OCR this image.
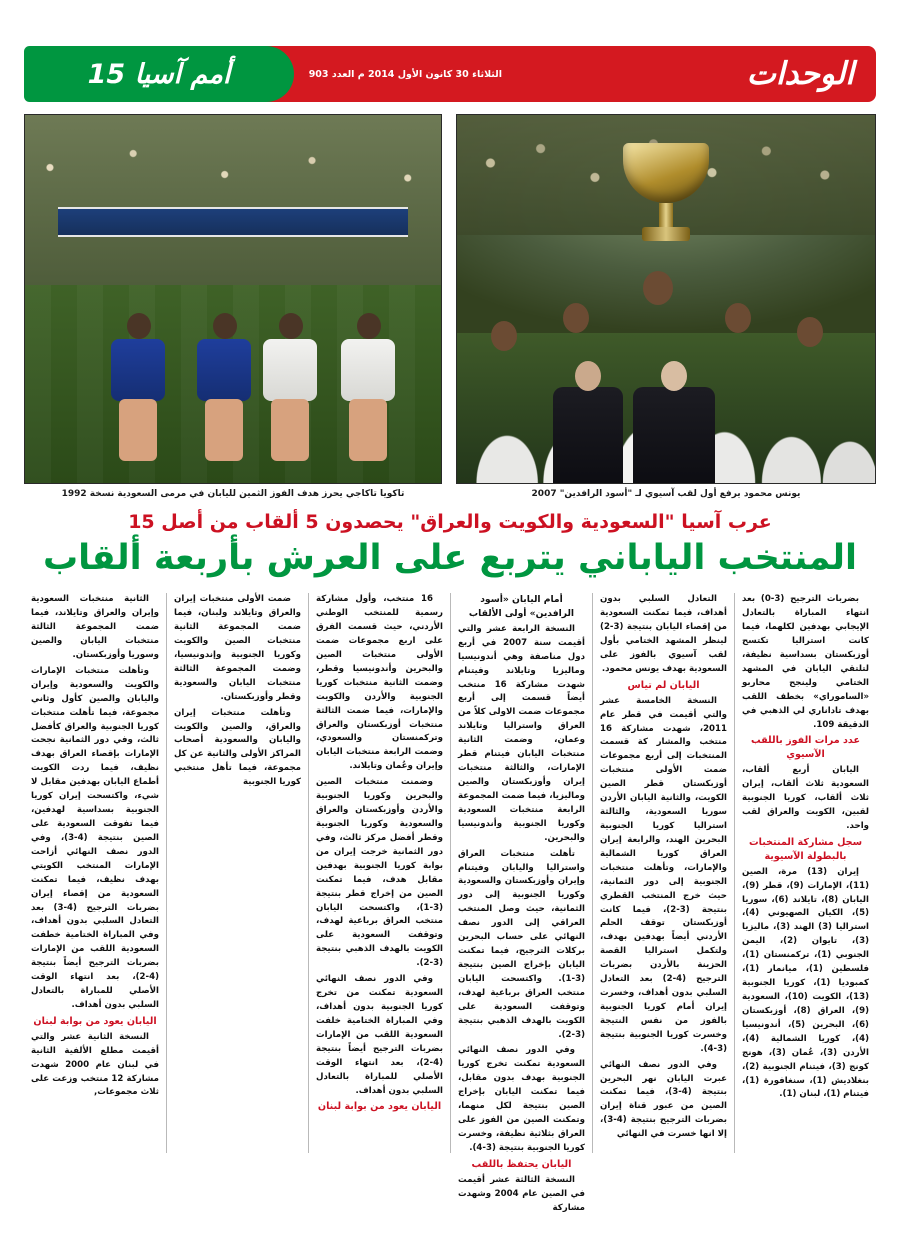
الوحدات
الثلاثاء 30 كانون الأول 2014 م العدد 903
أمم آسيا 15
يونس محمود يرفع أول لقب آسيوي لـ "أسود الرافدين" 2007
تاكويا تاكاجي يحرز هدف الفوز الثمين لليابان في مرمى السعودية نسخة 1992
عرب آسيا "السعودية والكويت والعراق" يحصدون 5 ألقاب من أصل 15
المنتخب الياباني يتربع على العرش بأربعة ألقاب

بضربات الترجيح (3-0) بعد انتهاء المباراة بالتعادل الإيجابي بهدفين لكلهما، فيما كانت استراليا تكتسح أوزبكستان بسداسية نظيفة، لتلتقي اليابان في المشهد الختامي ولينجح محاربو «الساموراي» بخطف اللقب بهدف تاداناري لي الذهبي في الدقيقة 109.

عدد مرات الفوز باللقب الآسيوي

اليابان أربع ألقاب، السعودية ثلاث ألقاب، إيران ثلاث ألقاب، كوريا الجنوبية لقبين، الكويت والعراق لقب واحد.

سجل مشاركة المنتخبات بالبطولة الآسيوية

إيران (13) مرة، الصين (11)، الإمارات (9)، قطر (9)، اليابان (8)، تايلاند (6)، سوريا (5)، الكيان الصهيوني (4)، استراليا (3) الهند (3)، ماليزيا (3)، تايوان (2)، اليمن الجنوبي (1)، تركمنستان (1)، فلسطين (1)، ميانمار (1)، كمبوديا (1)، كوريا الجنوبية (13)، الكويت (10)، السعودية (9)، العراق (8)، أوزبكستان (6)، البحرين (5)، أندونيسيا (4)، كوريا الشمالية (4)، الأردن (3)، عُمان (3)، هونج كونج (3)، فيتنام الجنوبية (2)، بنغلاديش (1)، سنغافورة (1)، فيتنام (1)، لبنان (1).

التعادل السلبي بدون أهداف، فيما تمكنت السعودية من إقصاء اليابان بنتيجة (3-2) لينظر المشهد الختامي بأول لقب آسيوي بالفوز على السعودية بهدف يونس محمود.

اليابان لم تياس

النسخة الخامسة عشر والتي أقيمت في قطر عام 2011، شهدت مشاركة 16 منتخب والمشار كة قسمت المنتخبات إلى أربع مجموعات ضمت الأولى منتخبات أوزبكستان قطر الصين الكويت، والثانية اليابان الأردن سوريا السعودية، والثالثة استراليا كوريا الجنوبية البحرين الهند، والرابعة إيران العراق كوريا الشمالية والإمارات، وتأهلت منتخبات الجنوبية إلى دور الثمانية، حيث خرج المنتخب القطري بنتيجة (3-2)، فيما كانت أوزبكستان توقف الحلم الأردني أيضاً بهدفين بهدف، ولتكمل استراليا القصة الحزينة بالأردن بضربات الترجيح (4-2) بعد التعادل السلبي بدون أهداف، وخسرت إيران أمام كوريا الجنوبية بالفوز من نفس النتيجة وخسرت كوريا الجنوبية بنتيجة (3-4).

وفي الدور نصف النهائي عبرت اليابان نهر البحرين بنتيجة (4-3)، فيما تمكنت الصين من عبور قناة إيران بضربات الترجيح بنتيجة (4-3)، إلا انها خسرت في النهائي

أمام اليابان «أسود الرافدين» أولى الألقاب

النسخة الرابعة عشر والتي أقيمت سنة 2007 في أربع دول مناصفة وهي أندونيسيا وماليزيا وتايلاند وفيتنام شهدت مشاركة 16 منتخب أيضاً قسمت إلى أربع مجموعات ضمت الاولى كلاً من العراق واستراليا وتايلاند وعمان، وضمت الثانية منتخبات اليابان فيتنام قطر الإمارات، والثالثة منتخبات إيران وأوزبكستان والصين وماليزيا، فيما ضمت المجموعة الرابعة منتخبات السعودية وكوريا الجنوبية وأندونيسيا والبحرين.

تأهلت منتخبات العراق واستراليا واليابان وفيتنام وإيران وأوزبكستان والسعودية وكوريا الجنوبية إلى دور الثمانية، حيث وصل المنتخب العراقي إلى الدور نصف النهائي على حساب البحرين بركلات الترجيح، فيما تمكنت اليابان بإخراج الصين بنتيجة (3-1). واكتسحت اليابان منتخب العراق برباعية لهدف، وتوقفت السعودية على الكويت بالهدف الذهبي بنتيجة (3-2).

وفي الدور نصف النهائي السعودية تمكنت تخرج كوريا الجنوبية بهدف بدون مقابل، فيما تمكنت اليابان بإخراج الصين بنتيجة لكل منهما، وتمكنت الصين من الفوز على العراق بثلاثية نظيفة، وخسرت كوريا الجنوبية بنتيجة (3-4).

اليابان يحتفظ باللقب

النسخة الثالثة عشر أقيمت في الصين عام 2004 وشهدت مشاركة

16 منتخب، وأول مشاركة رسمية للمنتخب الوطني الأردني، حيث قسمت الفرق على اربع مجموعات ضمت الأولى منتخبات الصين والبحرين وأندونيسيا وقطر، وضمت الثانية منتخبات كوريا الجنوبية والأردن والكويت والإمارات، فيما ضمت الثالثة منتخبات أوزبكستان والعراق وتركمنستان والسعودي، وضمت الرابعة منتخبات اليابان وإيران وعُمان وتايلاند.

وضمنت منتخبات الصين والبحرين وكوريا الجنوبية والأردن وأوزبكستان والعراق والسعودية وكوريا الجنوبية وقطر أفضل مركز ثالث، وفي دور الثمانية خرجت إيران من بوابة كوريا الجنوبية بهدفين مقابل هدف، فيما تمكنت الصين من إخراج قطر بنتيجة (3-1)، واكتسحت اليابان منتخب العراق برباعية لهدف، وتوقفت السعودية على الكويت بالهدف الذهبي بنتيجة (3-2).

وفي الدور نصف النهائي السعودية تمكنت من تخرج كوريا الجنوبية بدون أهداف، وفي المباراة الختامية خلفت السعودية اللقب من الإمارات بضربات الترجيح أيضاً بنتيجة (4-2)، بعد انتهاء الوقت الأصلي للمباراة بالتعادل السلبي بدون أهداف.

اليابان يعود من بوابة لبنان

ضمت الأولى منتخبات إيران والعراق وتايلاند ولبنان، فيما ضمت المجموعة الثانية منتخبات الصين والكويت وكوريا الجنوبية وإندونيسيا، وضمت المجموعة الثالثة منتخبات اليابان والسعودية وقطر وأوزبكستان.

وتأهلت منتخبات إيران والعراق، والصين والكويت واليابان والسعودية أصحاب المراكز الأولى والثانية عن كل مجموعة، فيما تأهل منتخبي كوريا الجنوبية

الثانية منتخبات السعودية وإيران والعراق وتايلاند، فيما ضمت المجموعة الثالثة منتخبات اليابان والصين وسوريا وأوزبكستان.

وتأهلت منتخبات الإمارات والكويت والسعودية وإيران واليابان والصين كأول وثاني مجموعة، فيما تأهلت منتخبات كوريا الجنوبية والعراق كأفضل ثالث، وفي دور الثمانية نجحت الإمارات بإقصاء العراق بهدف نظيف، فيما ردت الكويت أطماع اليابان بهدفين مقابل لا شيء، واكتسحت إيران كوريا الجنوبية بسداسية لهدفين، فيما تفوقت السعودية على الصين بنتيجة (4-3)، وفي الدور نصف النهائي أزاحت الإمارات المنتخب الكويتي بهدف نظيف، فيما تمكنت السعودية من إقصاء إيران بضربات الترجيح (4-3) بعد التعادل السلبي بدون أهداف، وفي المباراة الختامية خطفت السعودية اللقب من الإمارات بضربات الترجيح أيضاً بنتيجة (4-2)، بعد انتهاء الوقت الأصلي للمباراة بالتعادل السلبي بدون أهداف.

اليابان يعود من بوابة لبنان

النسخة الثانية عشر والتي أقيمت مطلع الألفية الثانية في لبنان عام 2000 شهدت مشاركة 12 منتخب وزعت على ثلاث مجموعات,
